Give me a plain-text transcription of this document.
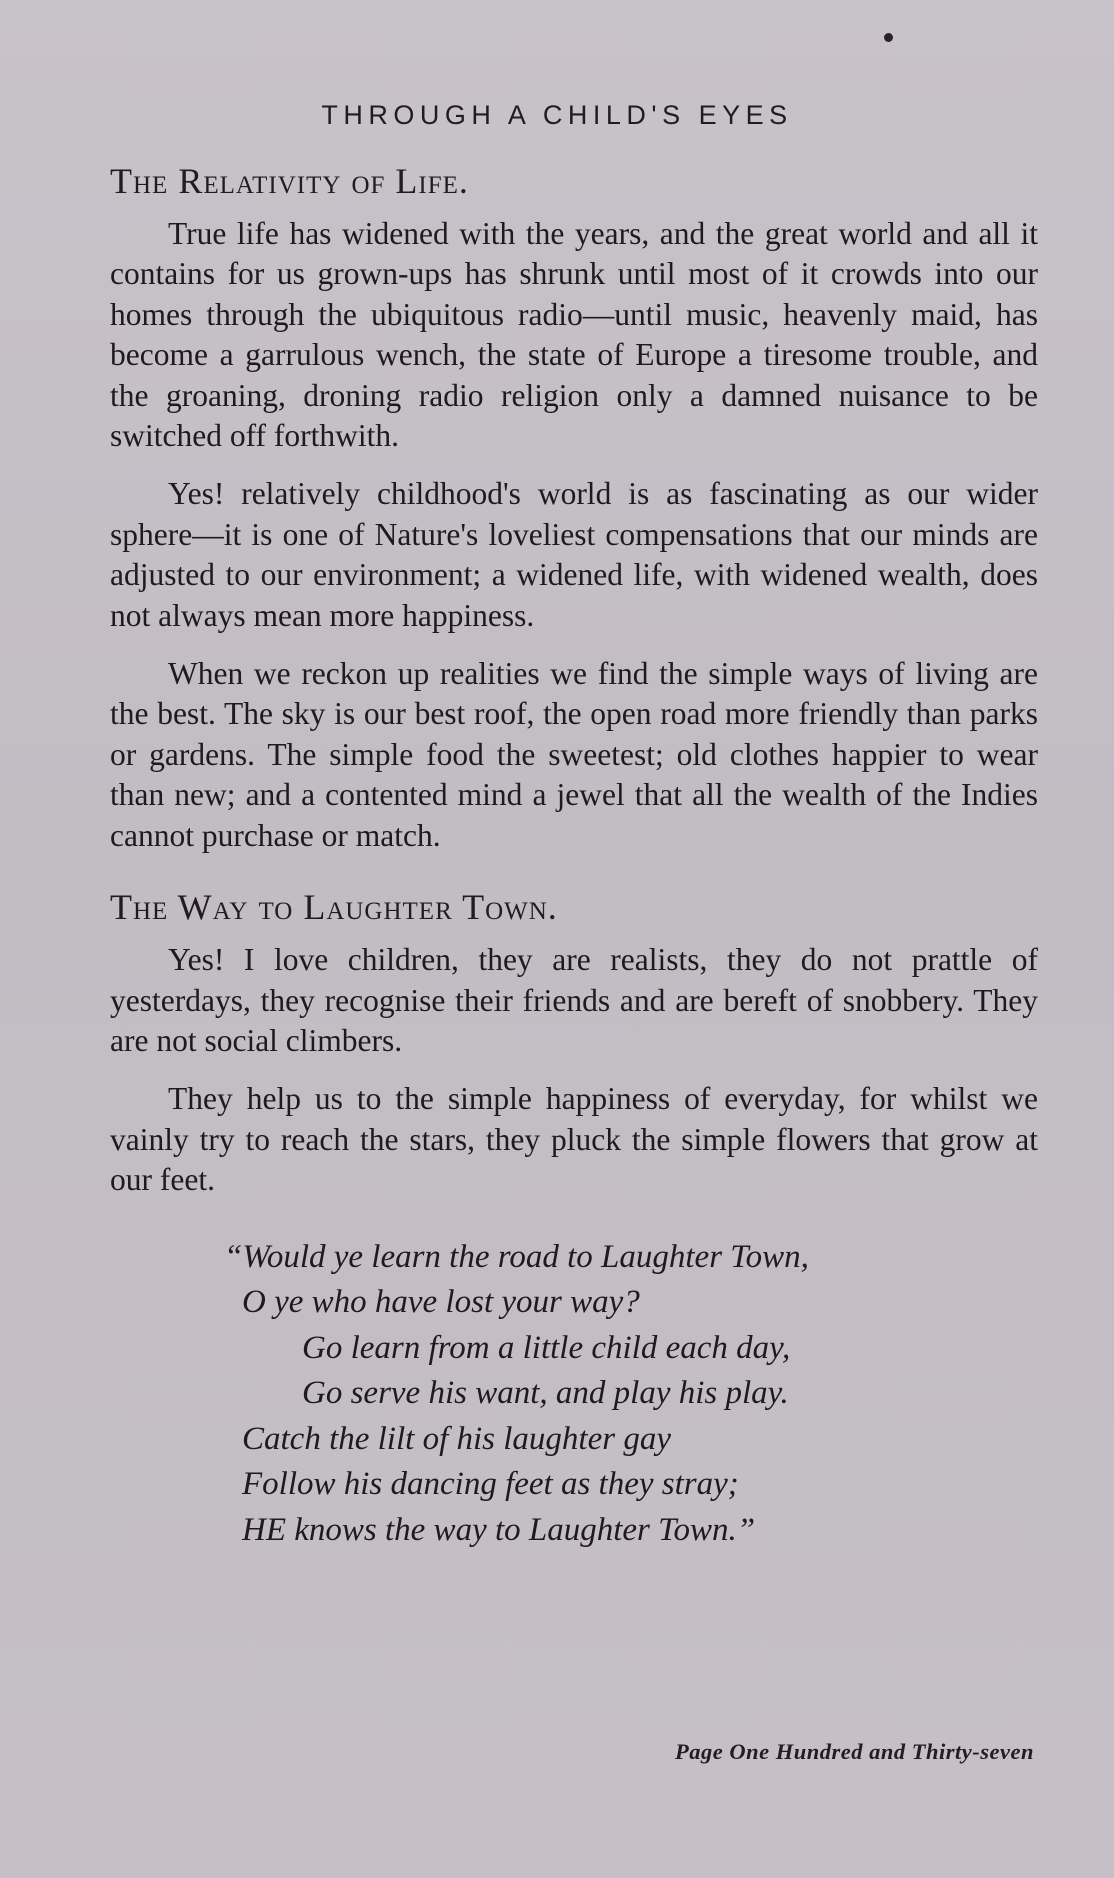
THROUGH A CHILD'S EYES
The Relativity of Life.

True life has widened with the years, and the great world and all it contains for us grown-ups has shrunk until most of it crowds into our homes through the ubiquitous radio—until music, heavenly maid, has become a garrulous wench, the state of Europe a tiresome trouble, and the groaning, droning radio religion only a damned nuisance to be switched off forthwith.

Yes! relatively childhood's world is as fascinating as our wider sphere—it is one of Nature's loveliest compensations that our minds are adjusted to our environment; a widened life, with widened wealth, does not always mean more happiness.

When we reckon up realities we find the simple ways of living are the best. The sky is our best roof, the open road more friendly than parks or gardens. The simple food the sweetest; old clothes happier to wear than new; and a contented mind a jewel that all the wealth of the Indies cannot purchase or match.

The Way to Laughter Town.

Yes! I love children, they are realists, they do not prattle of yesterdays, they recognise their friends and are bereft of snobbery. They are not social climbers.

They help us to the simple happiness of everyday, for whilst we vainly try to reach the stars, they pluck the simple flowers that grow at our feet.

“Would ye learn the road to Laughter Town,
O ye who have lost your way?
Go learn from a little child each day,
Go serve his want, and play his play.
Catch the lilt of his laughter gay
Follow his dancing feet as they stray;
HE knows the way to Laughter Town.”
Page One Hundred and Thirty-seven
